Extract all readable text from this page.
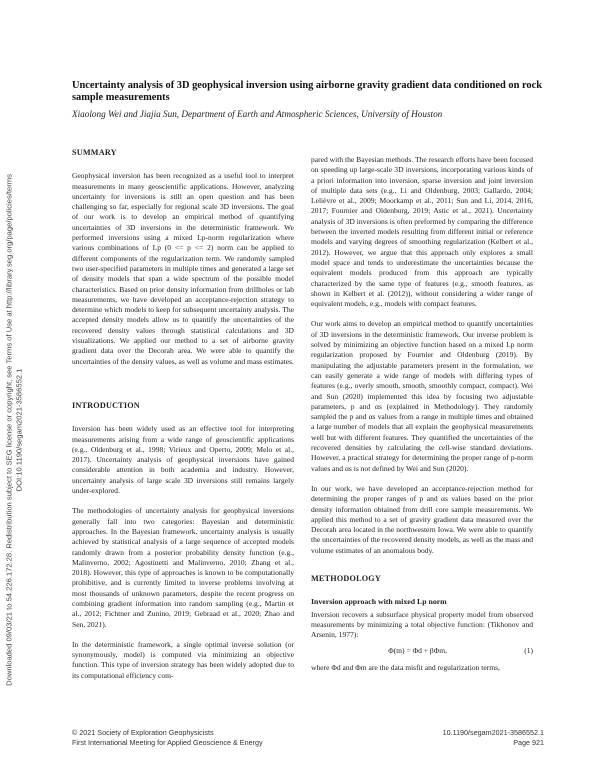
Downloaded 09/03/21 to 54.226.172.28. Redistribution subject to SEG license or copyright; see Terms of Use at http://library.seg.org/page/policies/terms DOI:10.1190/segam2021-3586552.1
Uncertainty analysis of 3D geophysical inversion using airborne gravity gradient data conditioned on rock sample measurements
Xiaolong Wei and Jiajia Sun, Department of Earth and Atmospheric Sciences, University of Houston
SUMMARY

Geophysical inversion has been recognized as a useful tool to interpret measurements in many geoscientific applications. However, analyzing uncertainty for inversions is still an open question and has been challenging so far, especially for regional scale 3D inversions. The goal of our work is to develop an empirical method of quantifying uncertainties of 3D inversions in the deterministic framework. We performed inversions using a mixed Lp-norm regularization where various combinations of Lp (0 <= p <= 2) norm can be applied to different components of the regularization term. We randomly sampled two user-specified parameters in multiple times and generated a large set of density models that span a wide spectrum of the possible model characteristics. Based on prior density information from drillholes or lab measurements, we have developed an acceptance-rejection strategy to determine which models to keep for subsequent uncertainty analysis. The accepted density models allow us to quantify the uncertainties of the recovered density values through statistical calculations and 3D visualizations. We applied our method to a set of airborne gravity gradient data over the Decorah area. We were able to quantify the uncertainties of the density values, as well as volume and mass estimates.

INTRODUCTION

Inversion has been widely used as an effective tool for interpreting measurements arising from a wide range of geoscientific applications (e.g., Oldenburg et al., 1998; Virieux and Operto, 2009; Melo et al., 2017). Uncertainty analysis of geophysical inversions have gained considerable attention in both academia and industry. However, uncertainty analysis of large scale 3D inversions still remains largely under-explored.

The methodologies of uncertainty analysis for geophysical inversions generally fall into two categories: Bayesian and deterministic approaches. In the Bayesian framework, uncertainty analysis is usually achieved by statistical analysis of a large sequence of accepted models randomly drawn from a posterior probability density function (e.g., Malinverno, 2002; Agostinetti and Malinverno, 2010; Zhang et al., 2018). However, this type of approaches is known to be computationally prohibitive, and is currently limited to inverse problems involving at most thousands of unknown parameters, despite the recent progress on combining gradient information into random sampling (e.g., Martin et al., 2012; Fichtner and Zunino, 2019; Gebraad et al., 2020; Zhao and Sen, 2021).

In the deterministic framework, a single optimal inverse solution (or synonymously, model) is computed via minimizing an objective function. This type of inversion strategy has been widely adopted due to its computational efficiency com-

pared with the Bayesian methods. The research efforts have been focused on speeding up large-scale 3D inversions, incorporating various kinds of a priori information into inversion, sparse inversion and joint inversion of multiple data sets (e.g., Li and Oldenburg, 2003; Gallardo, 2004; Lelièvre et al., 2009; Moorkamp et al., 2011; Sun and Li, 2014, 2016, 2017; Fournier and Oldenburg, 2019; Astic et al., 2021). Uncertainty analysis of 3D inversions is often preformed by comparing the difference between the inverted models resulting from different initial or reference models and varying degrees of smoothing regularization (Kelbert et al., 2012). However, we argue that this approach only explores a small model space and tends to underestimate the uncertainties because the equivalent models produced from this approach are typically characterized by the same type of features (e.g., smooth features, as shown in Kelbert et al. (2012)), without considering a wider range of equivalent models, e.g., models with compact features.

Our work aims to develop an empirical method to quantify uncertainties of 3D inversions in the deterministic framework. Our inverse problem is solved by minimizing an objective function based on a mixed Lp norm regularization proposed by Fournier and Oldenburg (2019). By manipulating the adjustable parameters present in the formulation, we can easily generate a wide range of models with differing types of features (e.g., overly smooth, smooth, smoothly compact, compact). Wei and Sun (2020) implemented this idea by focusing two adjustable parameters, p and αs (explained in Methodology). They randomly sampled the p and αs values from a range in multiple times and obtained a large number of models that all explain the geophysical measurements well but with different features. They quantified the uncertainties of the recovered densities by calculating the cell-wise standard deviations. However, a practical strategy for determining the proper range of p-norm values and αs is not defined by Wei and Sun (2020).

In our work, we have developed an acceptance-rejection method for determining the proper ranges of p and αs values based on the prior density information obtained from drill core sample measurements. We applied this method to a set of gravity gradient data measured over the Decorah area located in the northwestern Iowa. We were able to quantify the uncertainties of the recovered density models, as well as the mass and volume estimates of an anomalous body.

METHODOLOGY
Inversion approach with mixed Lp norm

Inversion recovers a subsurface physical property model from observed measurements by minimizing a total objective function: (Tikhonov and Arsenin, 1977):

Φ(m) = Φd + βΦm,	(1)

where Φd and Φm are the data misfit and regularization terms,

© 2021 Society of Exploration Geophysicists
First International Meeting for Applied Geoscience & Energy
10.1190/segam2021-3586552.1
Page 921
